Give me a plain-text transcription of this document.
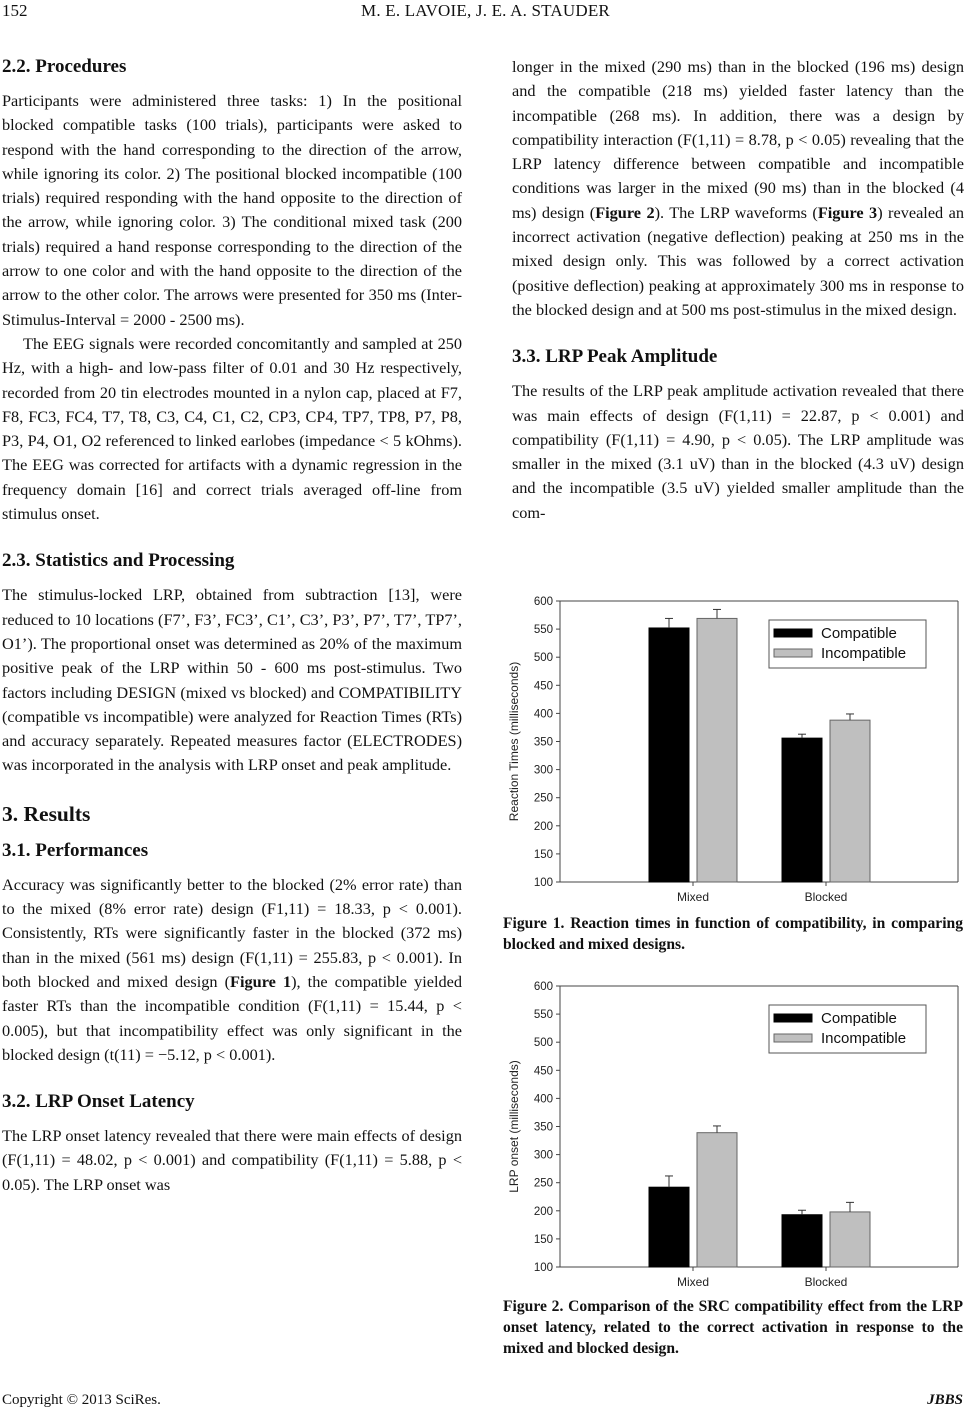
152	M. E. LAVOIE, J. E. A. STAUDER
2.2. Procedures

Participants were administered three tasks: 1) In the positional blocked compatible tasks (100 trials), participants were asked to respond with the hand corresponding to the direction of the arrow, while ignoring its color. 2) The positional blocked incompatible (100 trials) required responding with the hand opposite to the direction of the arrow, while ignoring color. 3) The conditional mixed task (200 trials) required a hand response corresponding to the direction of the arrow to one color and with the hand opposite to the direction of the arrow to the other color. The arrows were presented for 350 ms (Inter-Stimulus-Interval = 2000 - 2500 ms).

The EEG signals were recorded concomitantly and sampled at 250 Hz, with a high- and low-pass filter of 0.01 and 30 Hz respectively, recorded from 20 tin electrodes mounted in a nylon cap, placed at F7, F8, FC3, FC4, T7, T8, C3, C4, C1, C2, CP3, CP4, TP7, TP8, P7, P8, P3, P4, O1, O2 referenced to linked earlobes (impedance < 5 kOhms). The EEG was corrected for artifacts with a dynamic regression in the frequency domain [16] and correct trials averaged off-line from stimulus onset.

2.3. Statistics and Processing

The stimulus-locked LRP, obtained from subtraction [13], were reduced to 10 locations (F7’, F3’, FC3’, C1’, C3’, P3’, P7’, T7’, TP7’, O1’). The proportional onset was determined as 20% of the maximum positive peak of the LRP within 50 - 600 ms post-stimulus. Two factors including DESIGN (mixed vs blocked) and COMPATIBILITY (compatible vs incompatible) were analyzed for Reaction Times (RTs) and accuracy separately. Repeated measures factor (ELECTRODES) was incorporated in the analysis with LRP onset and peak amplitude.

3. Results
3.1. Performances

Accuracy was significantly better to the blocked (2% error rate) than to the mixed (8% error rate) design (F1,11) = 18.33, p < 0.001). Consistently, RTs were significantly faster in the blocked (372 ms) than in the mixed (561 ms) design (F(1,11) = 255.83, p < 0.001). In both blocked and mixed design (Figure 1), the compatible yielded faster RTs than the incompatible condition (F(1,11) = 15.44, p < 0.005), but that incompatibility effect was only significant in the blocked design (t(11) = −5.12, p < 0.001).

3.2. LRP Onset Latency

The LRP onset latency revealed that there were main effects of design (F(1,11) = 48.02, p < 0.001) and compatibility (F(1,11) = 5.88, p < 0.05). The LRP onset was

longer in the mixed (290 ms) than in the blocked (196 ms) design and the compatible (218 ms) yielded faster latency than the incompatible (268 ms). In addition, there was a design by compatibility interaction (F(1,11) = 8.78, p < 0.05) revealing that the LRP latency difference between compatible and incompatible conditions was larger in the mixed (90 ms) than in the blocked (4 ms) design (Figure 2). The LRP waveforms (Figure 3) revealed an incorrect activation (negative deflection) peaking at 250 ms in the mixed design only. This was followed by a correct activation (positive deflection) peaking at approximately 300 ms in response to the blocked design and at 500 ms post-stimulus in the mixed design.

3.3. LRP Peak Amplitude

The results of the LRP peak amplitude activation revealed that there was main effects of design (F(1,11) = 22.87, p < 0.001) and compatibility (F(1,11) = 4.90, p < 0.05). The LRP amplitude was smaller in the mixed (3.1 uV) than in the blocked (4.3 uV) design and the incompatible (3.5 uV) yielded smaller amplitude than the com-

100
150
200
250
300
350
400
450
500
550
600
Reaction Times (milliseconds)
Mixed	Blocked
Compatible
Incompatible

Figure 1. Reaction times in function of compatibility, in comparing blocked and mixed designs.

100
150
200
250
300
350
400
450
500
550
600
LRP onset (milliseconds)
Mixed	Blocked
Compatible
Incompatible

Figure 2. Comparison of the SRC compatibility effect from the LRP onset latency, related to the correct activation in response to the mixed and blocked design.

Copyright © 2013 SciRes.	JBBS
